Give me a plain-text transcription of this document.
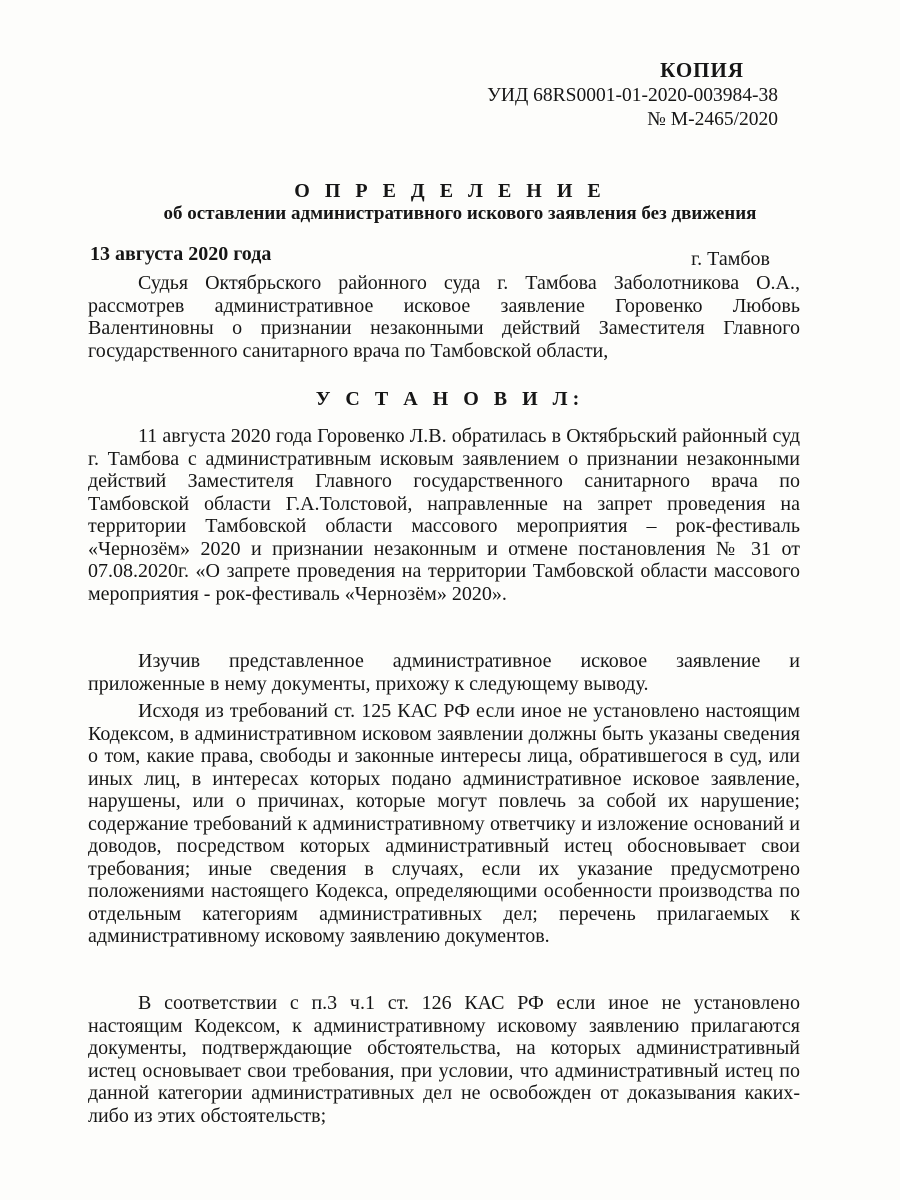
КОПИЯ
УИД 68RS0001-01-2020-003984-38
№ М-2465/2020
О П Р Е Д Е Л Е Н И Е
об оставлении административного искового заявления без движения
13 августа 2020 года	г. Тамбов

Судья Октябрьского районного суда г. Тамбова Заболотникова О.А., рассмотрев административное исковое заявление Горовенко Любовь Валентиновны о признании незаконными действий Заместителя Главного государственного санитарного врача по Тамбовской области,

У С Т А Н О В И Л:

11 августа 2020 года Горовенко Л.В. обратилась в Октябрьский районный суд г. Тамбова с административным исковым заявлением о признании незаконными действий Заместителя Главного государственного санитарного врача по Тамбовской области Г.А.Толстовой, направленные на запрет проведения на территории Тамбовской области массового мероприятия – рок-фестиваль «Чернозём» 2020 и признании незаконным и отмене постановления № 31 от 07.08.2020г. «О запрете проведения на территории Тамбовской области массового мероприятия - рок-фестиваль «Чернозём» 2020».

Изучив представленное административное исковое заявление и приложенные в нему документы, прихожу к следующему выводу.

Исходя из требований ст. 125 КАС РФ если иное не установлено настоящим Кодексом, в административном исковом заявлении должны быть указаны сведения о том, какие права, свободы и законные интересы лица, обратившегося в суд, или иных лиц, в интересах которых подано административное исковое заявление, нарушены, или о причинах, которые могут повлечь за собой их нарушение; содержание требований к административному ответчику и изложение оснований и доводов, посредством которых административный истец обосновывает свои требования; иные сведения в случаях, если их указание предусмотрено положениями настоящего Кодекса, определяющими особенности производства по отдельным категориям административных дел; перечень прилагаемых к административному исковому заявлению документов.

В соответствии с п.3 ч.1 ст. 126 КАС РФ если иное не установлено настоящим Кодексом, к административному исковому заявлению прилагаются документы, подтверждающие обстоятельства, на которых административный истец основывает свои требования, при условии, что административный истец по данной категории административных дел не освобожден от доказывания каких-либо из этих обстоятельств;
